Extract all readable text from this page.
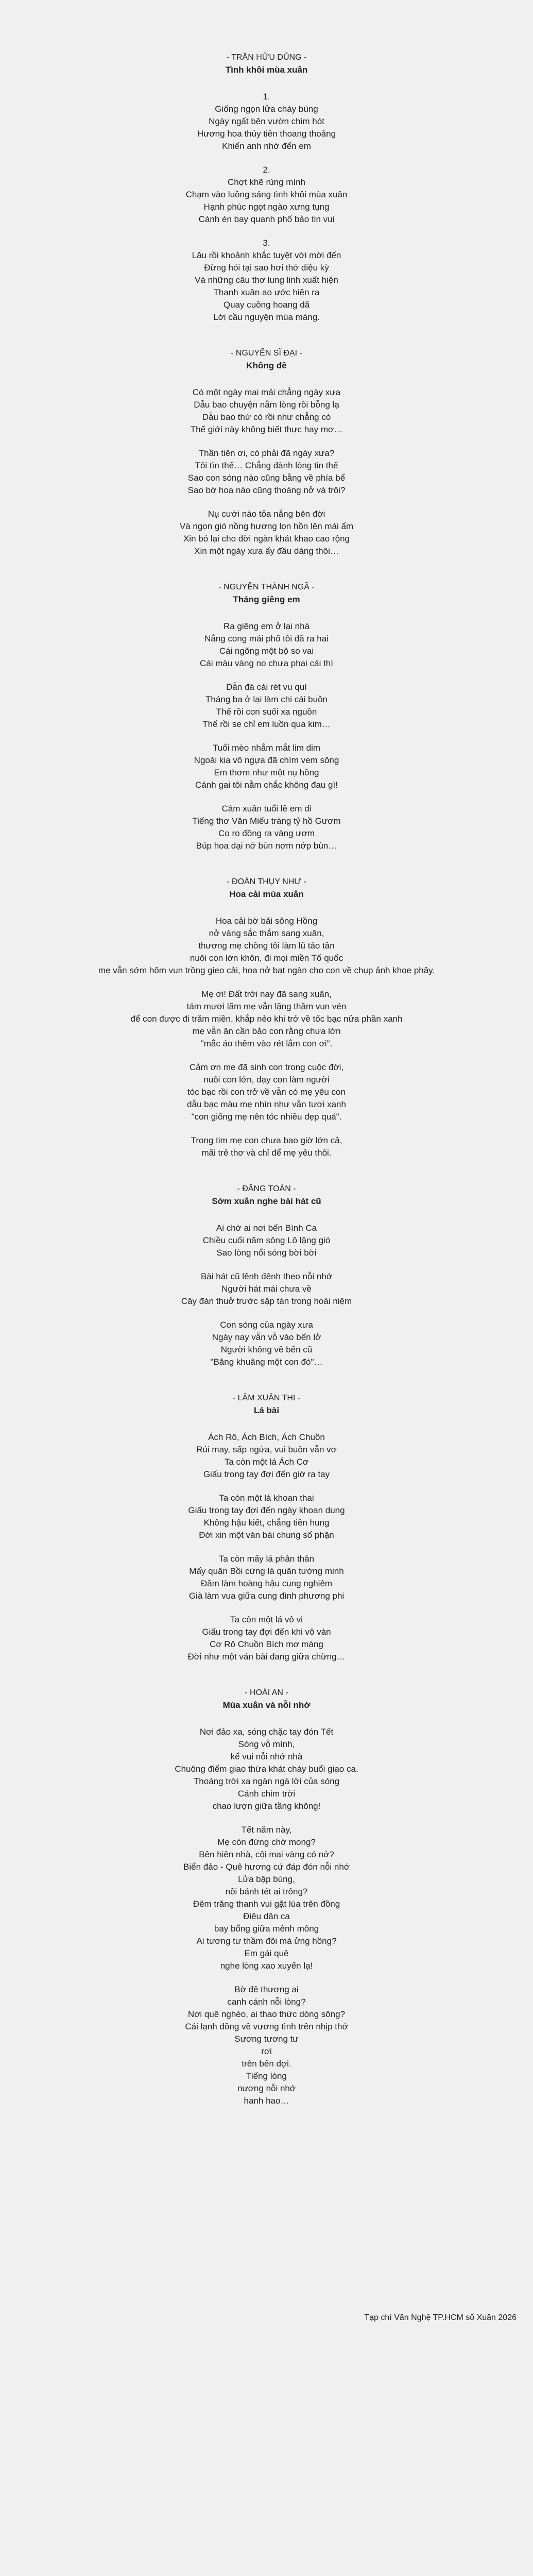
- TRẦN HỮU DŨNG -
Tình khôi mùa xuân
1.
Giống ngọn lửa cháy bùng
Ngày ngất bên vườn chim hót
Hương hoa thủy tiên thoang thoảng
Khiến anh nhớ đến em
2.
Chợt khẽ rùng mình
Chạm vào luồng sáng tình khôi mùa xuân
Hạnh phúc ngọt ngào xưng tụng
Cánh én bay quanh phố bảo tin vui
3.
Lâu rồi khoảnh khắc tuyệt vời mời đến
Đừng hỏi tại sao hơi thở diệu kỳ
Và những câu thơ lung linh xuất hiện
Thanh xuân ao ước hiện ra
Quay cuồng hoang dã
Lời cầu nguyện mùa màng.
- NGUYỄN SĨ ĐẠI -
Không đề
Có một ngày mai mải chẳng ngày xưa
Dẫu bao chuyện nằm lòng rồi bỗng lạ
Dẫu bao thứ có rồi như chẳng có
Thế giới này không biết thực hay mơ…
Thần tiên ơi, có phải đã ngày xưa?
Tôi tìn thế… Chẳng đành lòng tin thế
Sao con sóng nào cũng bằng về phía bể
Sao bờ hoa nào cũng thoáng nở và trôi?
Nụ cười nào tỏa nắng bên đời
Và ngọn gió nồng hương lọn hồn lên mái ấm
Xin bỏ lại cho đời ngàn khát khao cao rộng
Xin một ngày xưa ấy đầu dáng thôi…
- NGUYỄN THÀNH NGÃ -
Tháng giêng em
Ra giêng em ở lại nhà
Nắng cong mái phố tôi đã ra hai
Cái ngõng một bộ so vai
Cái màu vàng no chưa phai cái thì
Dẫn đá cái rét vu quí
Tháng ba ở lại làm chi cái buồn
Thế rồi con suối xa nguồn
Thế rồi se chỉ em luồn qua kim…
Tuổi mèo nhắm mắt lim dim
Ngoài kia vô ngựa đã chìm vem sông
Em thơm như một nụ hồng
Cánh gai tôi nằm chắc không đau gì!
Cảm xuân tuổi lề em đi
Tiếng thơ Văn Miếu tràng tỷ hồ Gươm
Co ro đồng ra vàng ươm
Búp hoa dại nở bùn nơm nớp bùn…
- ĐOÀN THỤY NHƯ -
Hoa cải mùa xuân
Hoa cải bờ bãi sông Hồng
nở vàng sắc thắm sang xuân,
thương mẹ chồng tôi làm lũ tảo tần
nuôi con lớn khôn, đi mọi miền Tổ quốc
mẹ vẫn sớm hôm vun trồng gieo cải, hoa nở bạt ngàn cho con về chụp ảnh khoe phây.
Mẹ ơi! Đất trời nay đã sang xuân,
tám mươi lăm mẹ vẫn lặng thầm vun vén
để con được đi trăm miền, khắp nẻo khi trở về tốc bạc nửa phần xanh
mẹ vẫn ân cần bảo con rằng chưa lớn
"mắc áo thêm vào rét lắm con ơi".
Cảm ơn mẹ đã sinh con trong cuộc đời,
nuôi con lớn, dạy con làm người
tóc bạc rồi con trở về vẫn có mẹ yêu con
dẫu bạc màu mẹ nhìn như vẫn tươi xanh
"con giống mẹ nên tóc nhiều đẹp quá".
Trong tim mẹ con chưa bao giờ lớn cả,
mãi trẻ thơ và chỉ để mẹ yêu thôi.
- ĐĂNG TOÀN -
Sớm xuân nghe bài hát cũ
Ai chờ ai nơi bến Bình Ca
Chiều cuối năm sông Lô lặng gió
Sao lòng nổi sóng bời bời
Bài hát cũ lênh đênh theo nỗi nhớ
Người hát mái chưa về
Cây đàn thuở trước sập tàn trong hoài niệm
Con sóng của ngày xưa
Ngày nay vẫn vỗ vào bến lở
Người không về bến cũ
"Băng khuâng một con đò"…
- LÂM XUÂN THI -
Lá bài
Ách Rô, Ách Bích, Ách Chuồn
Rủi may, sấp ngửa, vui buồn vẫn vơ
Ta còn một lá Ách Cơ
Giấu trong tay đợi đến giờ ra tay
Ta còn một lá khoan thai
Giấu trong tay đợi đến ngày khoan dung
Không hậu kiết, chẳng tiền hung
Đời xin một ván bài chung số phận
Ta còn mấy lá phân thân
Mấy quân Bồi cứng là quân tướng minh
Đầm làm hoàng hậu cung nghiêm
Già làm vua giữa cung đình phương phi
Ta còn một lá vô vi
Giấu trong tay đợi đến khi vô vàn
Cơ Rô Chuồn Bích mơ màng
Đời như một ván bài đang giữa chừng…
- HOÀI AN -
Mùa xuân và nỗi nhớ
Nơi đảo xa, sóng chặc tay đón Tết
Sóng vỗ mình,
kể vui nỗi nhớ nhà
Chuông điểm giao thừa khát cháy buổi giao ca.
Thoáng trời xa ngàn ngà lời của sóng
Cánh chim trời
chao lượn giữa tầng không!
Tết năm này,
Mẹ còn đứng chờ mong?
Bên hiên nhà, cội mai vàng có nở?
Biển đảo - Quê hương cứ đáp đón nỗi nhớ
Lửa bập bùng,
nồi bánh tét ai trông?
Đêm trăng thanh vui gặt lúa trên đồng
Điệu dân ca
bay bổng giữa mênh mông
Ai tương tư thầm đôi má ửng hồng?
Em gái quê
nghe lòng xao xuyến lạ!
Bờ đê thương ai
canh cánh nỗi lòng?
Nơi quê nghèo, ai thao thức dòng sông?
Cái lạnh đồng về vương tình trên nhịp thở
Sương tương tư
rơi
trên bến đợi.
Tiếng lòng
nương nỗi nhớ
hanh hao…
Tạp chí Văn Nghệ TP.HCM số Xuân 2026
